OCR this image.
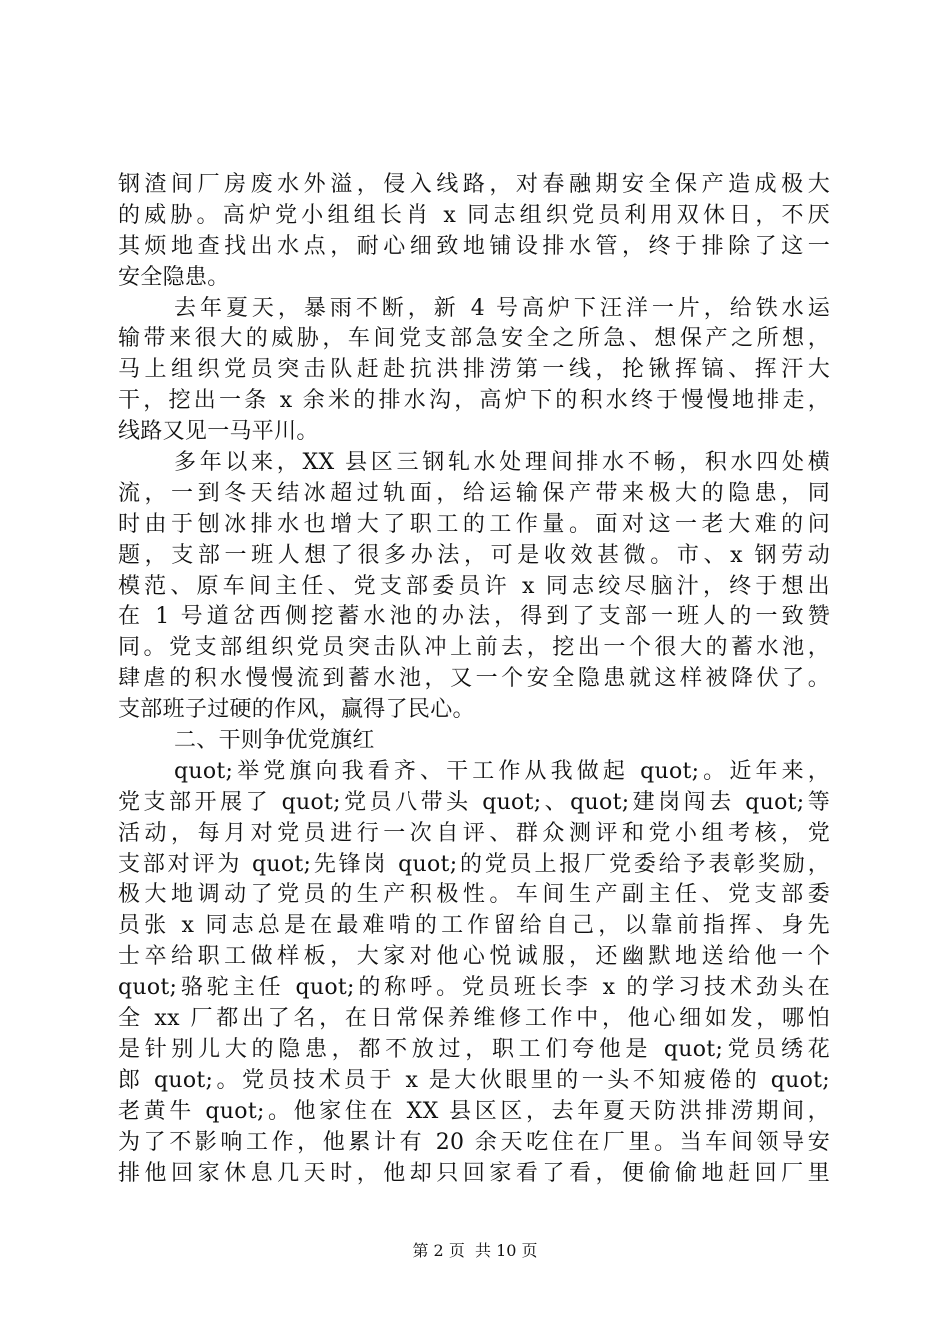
钢渣间厂房废水外溢，侵入线路，对春融期安全保产造成极大
的威胁。高炉党小组组长肖 x 同志组织党员利用双休日，不厌
其烦地查找出水点，耐心细致地铺设排水管，终于排除了这一
安全隐患。
去年夏天，暴雨不断，新 4 号高炉下汪洋一片，给铁水运
输带来很大的威胁，车间党支部急安全之所急、想保产之所想，
马上组织党员突击队赶赴抗洪排涝第一线，抡锹挥镐、挥汗大
干，挖出一条 x 余米的排水沟，高炉下的积水终于慢慢地排走，
线路又见一马平川。
多年以来，XX 县区三钢轧水处理间排水不畅，积水四处横
流，一到冬天结冰超过轨面，给运输保产带来极大的隐患，同
时由于刨冰排水也增大了职工的工作量。面对这一老大难的问
题，支部一班人想了很多办法，可是收效甚微。市、x 钢劳动
模范、原车间主任、党支部委员许 x 同志绞尽脑汁，终于想出
在 1 号道岔西侧挖蓄水池的办法，得到了支部一班人的一致赞
同。党支部组织党员突击队冲上前去，挖出一个很大的蓄水池，
肆虐的积水慢慢流到蓄水池，又一个安全隐患就这样被降伏了。
支部班子过硬的作风，赢得了民心。
二、干则争优党旗红
quot;举党旗向我看齐、干工作从我做起 quot;。近年来，
党支部开展了 quot;党员八带头 quot;、quot;建岗闯去 quot;等
活动，每月对党员进行一次自评、群众测评和党小组考核，党
支部对评为 quot;先锋岗 quot;的党员上报厂党委给予表彰奖励，
极大地调动了党员的生产积极性。车间生产副主任、党支部委
员张 x 同志总是在最难啃的工作留给自己，以靠前指挥、身先
士卒给职工做样板，大家对他心悦诚服，还幽默地送给他一个
quot;骆驼主任 quot;的称呼。党员班长李 x 的学习技术劲头在
全 xx 厂都出了名，在日常保养维修工作中，他心细如发，哪怕
是针别儿大的隐患，都不放过，职工们夸他是 quot;党员绣花
郎 quot;。党员技术员于 x 是大伙眼里的一头不知疲倦的 quot;
老黄牛 quot;。他家住在 XX 县区区，去年夏天防洪排涝期间，
为了不影响工作，他累计有 20 余天吃住在厂里。当车间领导安
排他回家休息几天时，他却只回家看了看，便偷偷地赶回厂里
第 2 页  共 10 页
